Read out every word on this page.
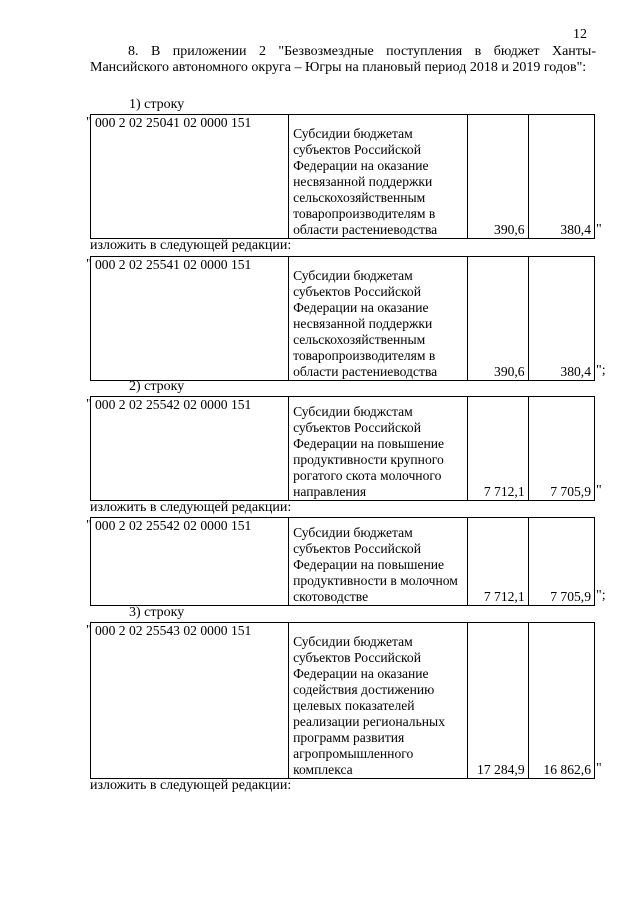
12
8. В приложении 2 "Безвозмездные поступления в бюджет Ханты-Мансийского автономного округа – Югры на плановый период 2018 и 2019 годов":
1) строку
" 000 2 02 25041 02 0000 151	Субсидии бюджетам субъектов Российской Федерации на оказание несвязанной поддержки сельскохозяйственным товаропроизводителям в области растениеводства	390,6	380,4 "
изложить в следующей редакции:
" 000 2 02 25541 02 0000 151	Субсидии бюджетам субъектов Российской Федерации на оказание несвязанной поддержки сельскохозяйственным товаропроизводителям в области растениеводства	390,6	380,4 ";
2) строку
" 000 2 02 25542 02 0000 151	Субсидии бюджстам субъектов Российской Федерации на повышение продуктивности крупного рогатого скота молочного направления	7 712,1	7 705,9 "
изложить в следующей редакции:
" 000 2 02 25542 02 0000 151	Субсидии бюджетам субъектов Российской Федерации на повышение продуктивности в молочном скотоводстве	7 712,1	7 705,9 ";
3) строку
" 000 2 02 25543 02 0000 151	Субсидии бюджетам субъектов Российской Федерации на оказание содействия достижению целевых показателей реализации региональных программ развития агропромышленного комплекса	17 284,9	16 862,6 "
изложить в следующей редакции:
